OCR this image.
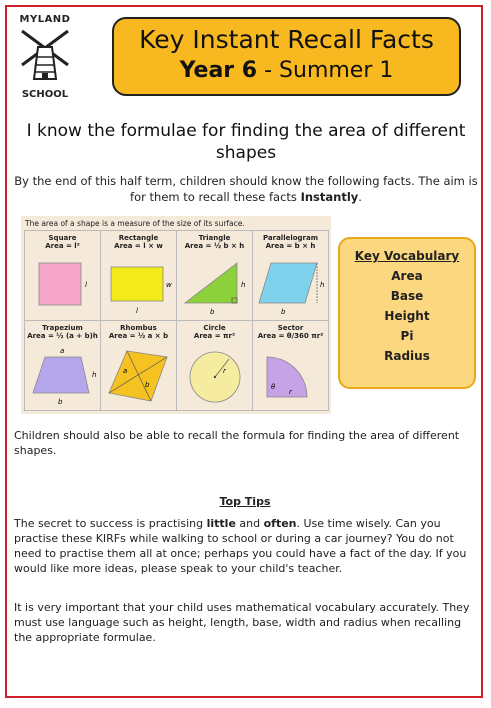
MYLAND
SCHOOL
Key Instant Recall Facts
Year 6 - Summer 1
I know the formulae for finding the area of different shapes
By the end of this half term, children should know the following facts. The aim is for them to recall these facts Instantly.
The area of a shape is a measure of the size of its surface.
Square
Area = l²
l
Rectangle
Area = l × w
w
l
Triangle
Area = ½ b × h
h
b
Parallelogram
Area = b × h
h
b
Trapezium
Area = ½ (a + b)h
a
h
b
Rhombus
Area = ½ a × b
a
b
Circle
Area = πr²
r
Sector
Area = θ/360 πr²
θ
r
Key Vocabulary
Area
Base
Height
Pi
Radius
Children should also be able to recall the formula for finding the area of different shapes.
Top Tips
The secret to success is practising little and often. Use time wisely. Can you practise these KIRFs while walking to school or during a car journey? You do not need to practise them all at once; perhaps you could have a fact of the day. If you would like more ideas, please speak to your child's teacher.
It is very important that your child uses mathematical vocabulary accurately. They must use language such as height, length, base, width and radius when recalling the appropriate formulae.
